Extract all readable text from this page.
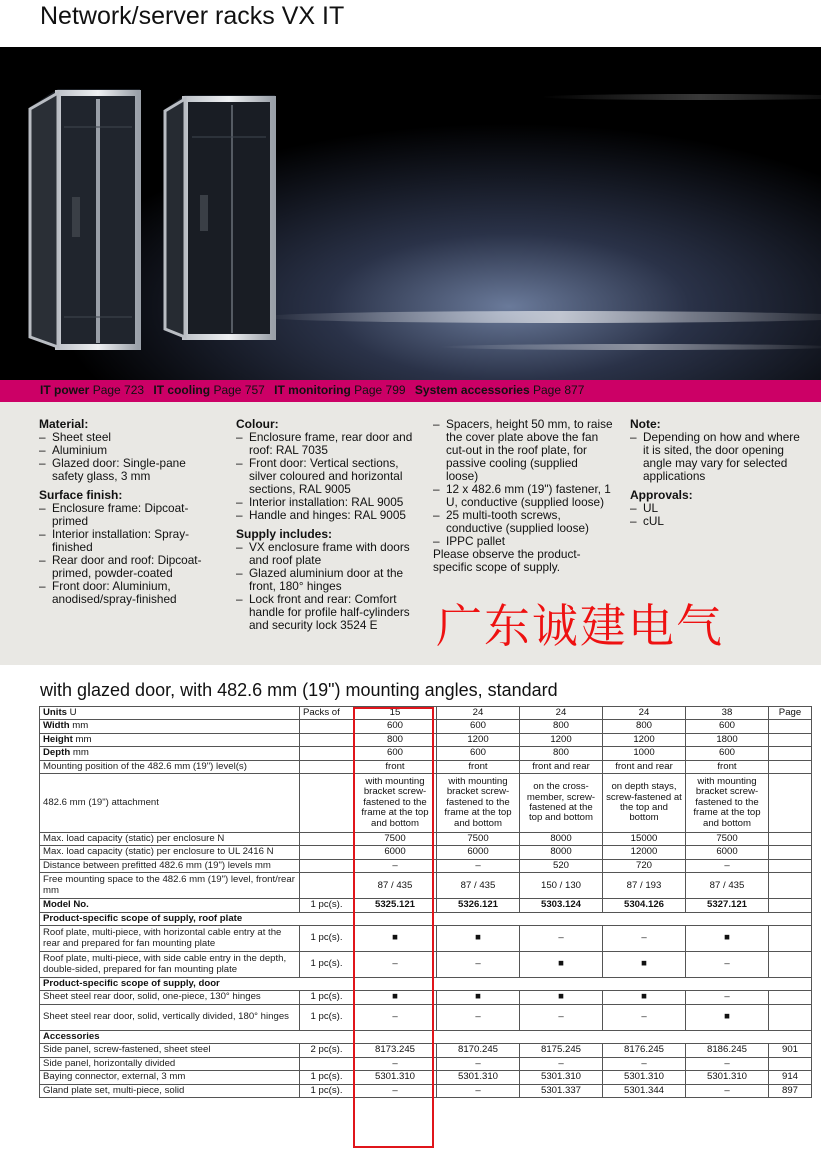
Network/server racks VX IT
IT power Page 723 IT cooling Page 757 IT monitoring Page 799 System accessories Page 877
Material:
– Sheet steel
– Aluminium
– Glazed door: Single-pane safety glass, 3 mm
Surface finish:
– Enclosure frame: Dipcoat-primed
– Interior installation: Spray-finished
– Rear door and roof: Dipcoat-primed, powder-coated
– Front door: Aluminium, anodised/spray-finished
Colour:
– Enclosure frame, rear door and roof: RAL 7035
– Front door: Vertical sections, silver coloured and horizontal sections, RAL 9005
– Interior installation: RAL 9005
– Handle and hinges: RAL 9005
Supply includes:
– VX enclosure frame with doors and roof plate
– Glazed aluminium door at the front, 180° hinges
– Lock front and rear: Comfort handle for profile half-cylinders and security lock 3524 E
– Spacers, height 50 mm, to raise the cover plate above the fan cut-out in the roof plate, for passive cooling (supplied loose)
– 12 x 482.6 mm (19") fastener, 1 U, conductive (supplied loose)
– 25 multi-tooth screws, conductive (supplied loose)
– IPPC pallet

Please observe the product-specific scope of supply.

Note:
– Depending on how and where it is sited, the door opening angle may vary for selected applications
Approvals:
– UL
– cUL
广东诚建电气
with glazed door, with 482.6 mm (19") mounting angles, standard
Units U	Packs of	15	24	24	24	38	Page
Width mm		600	600	800	800	600	
Height mm		800	1200	1200	1200	1800	
Depth mm		600	600	800	1000	600	
Mounting position of the 482.6 mm (19") level(s)		front	front	front and rear	front and rear	front	
482.6 mm (19") attachment		with mounting bracket screw-fastened to the frame at the top and bottom	with mounting bracket screw-fastened to the frame at the top and bottom	on the cross-member, screw-fastened at the top and bottom	on depth stays, screw-fastened at the top and bottom	with mounting bracket screw-fastened to the frame at the top and bottom	
Max. load capacity (static) per enclosure N		7500	7500	8000	15000	7500	
Max. load capacity (static) per enclosure to UL 2416 N		6000	6000	8000	12000	6000	
Distance between prefitted 482.6 mm (19") levels mm		–	–	520	720	–	
Free mounting space to the 482.6 mm (19") level, front/rear mm		87 / 435	87 / 435	150 / 130	87 / 193	87 / 435	
Model No.	1 pc(s).	5325.121	5326.121	5303.124	5304.126	5327.121	
Product-specific scope of supply, roof plate							
Roof plate, multi-piece, with horizontal cable entry at the rear and prepared for fan mounting plate	1 pc(s).	■	■	–	–	■	
Roof plate, multi-piece, with side cable entry in the depth, double-sided, prepared for fan mounting plate	1 pc(s).	–	–	■	■	–	
Product-specific scope of supply, door							
Sheet steel rear door, solid, one-piece, 130° hinges	1 pc(s).	■	■	■	■	–	
Sheet steel rear door, solid, vertically divided, 180° hinges	1 pc(s).	–	–	–	–	■	
Accessories							
Side panel, screw-fastened, sheet steel	2 pc(s).	8173.245	8170.245	8175.245	8176.245	8186.245	901
Side panel, horizontally divided		–	–	–	–	–	
Baying connector, external, 3 mm	1 pc(s).	5301.310	5301.310	5301.310	5301.310	5301.310	914
Gland plate set, multi-piece, solid	1 pc(s).	–	–	5301.337	5301.344	–	897
